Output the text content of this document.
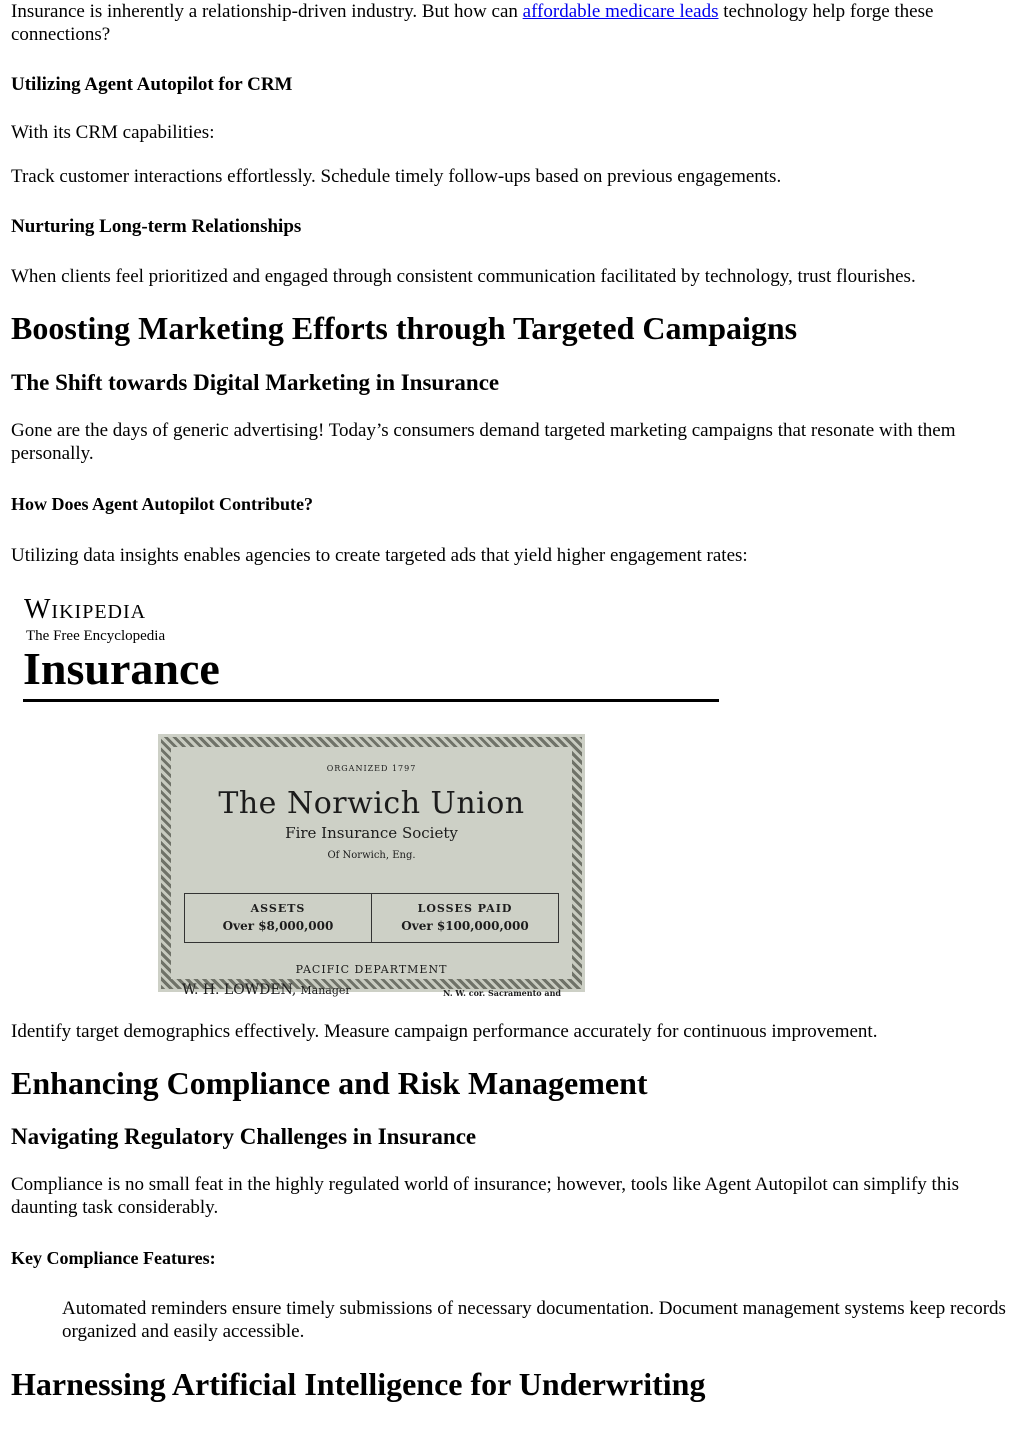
Insurance is inherently a relationship-driven industry. But how can affordable medicare leads technology help forge these connections?

Utilizing Agent Autopilot for CRM

With its CRM capabilities:

Track customer interactions effortlessly. Schedule timely follow-ups based on previous engagements.

Nurturing Long-term Relationships

When clients feel prioritized and engaged through consistent communication facilitated by technology, trust flourishes.

Boosting Marketing Efforts through Targeted Campaigns
The Shift towards Digital Marketing in Insurance

Gone are the days of generic advertising! Today’s consumers demand targeted marketing campaigns that resonate with them personally.

How Does Agent Autopilot Contribute?

Utilizing data insights enables agencies to create targeted ads that yield higher engagement rates:

Wikipedia
The Free Encyclopedia
Insurance
ORGANIZED 1797
The Norwich Union
Fire Insurance Society
Of Norwich, Eng.
ASSETS
Over $8,000,000
LOSSES PAID
Over $100,000,000
PACIFIC DEPARTMENT
W. H. LOWDEN, Manager	N. W. cor. Sacramento and

Identify target demographics effectively. Measure campaign performance accurately for continuous improvement.

Enhancing Compliance and Risk Management
Navigating Regulatory Challenges in Insurance

Compliance is no small feat in the highly regulated world of insurance; however, tools like Agent Autopilot can simplify this daunting task considerably.

Key Compliance Features:

Automated reminders ensure timely submissions of necessary documentation. Document management systems keep records organized and easily accessible.

Harnessing Artificial Intelligence for Underwriting
